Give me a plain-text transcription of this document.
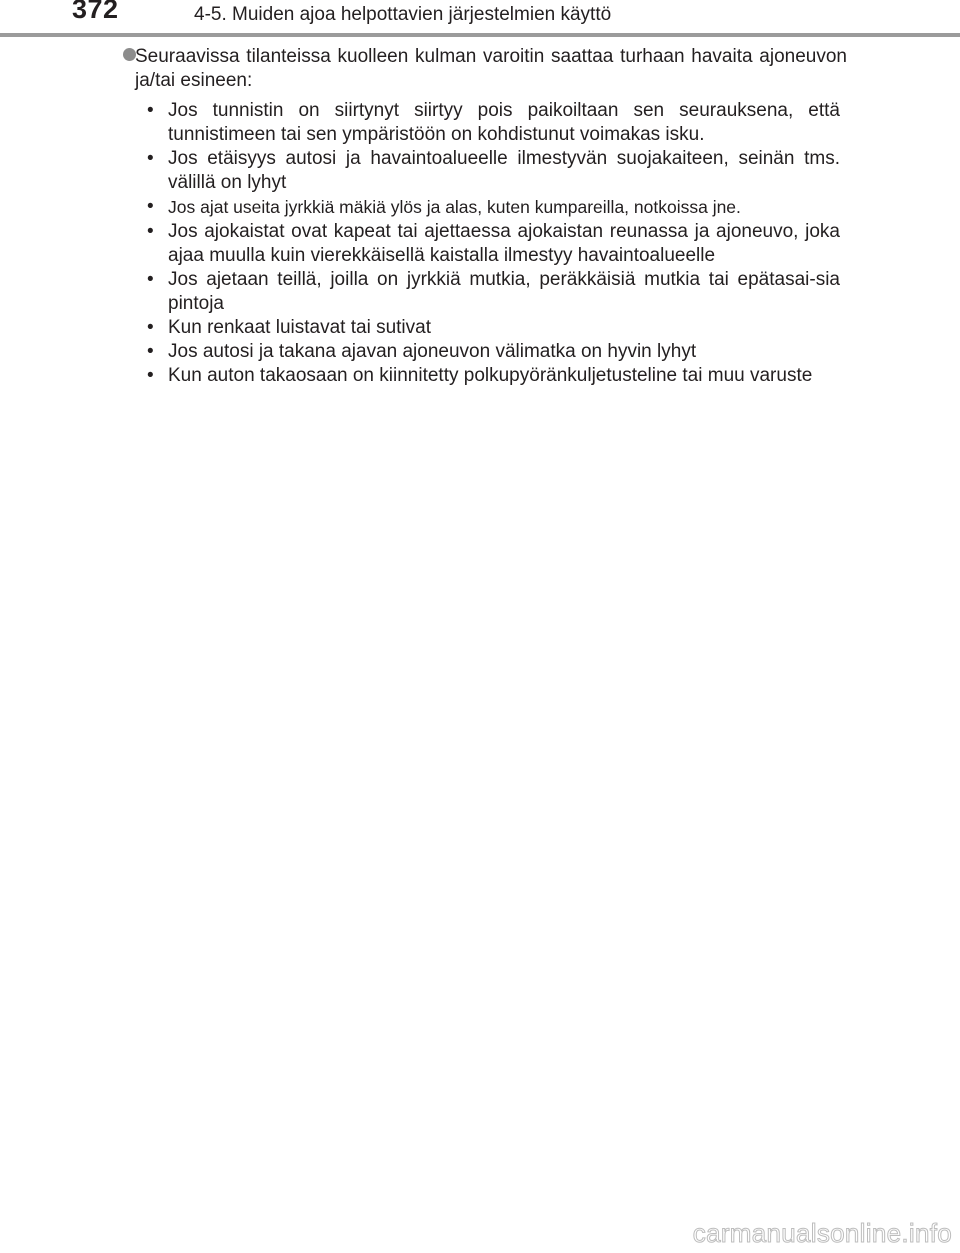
372	4-5. Muiden ajoa helpottavien järjestelmien käyttö
Seuraavissa tilanteissa kuolleen kulman varoitin saattaa turhaan havaita ajoneuvon ja/tai esineen:
• Jos tunnistin on siirtynyt siirtyy pois paikoiltaan sen seurauksena, että tunnistimeen tai sen ympäristöön on kohdistunut voimakas isku.
• Jos etäisyys autosi ja havaintoalueelle ilmestyvän suojakaiteen, seinän tms. välillä on lyhyt
• Jos ajat useita jyrkkiä mäkiä ylös ja alas, kuten kumpareilla, notkoissa jne.
• Jos ajokaistat ovat kapeat tai ajettaessa ajokaistan reunassa ja ajoneuvo, joka ajaa muulla kuin vierekkäisellä kaistalla ilmestyy havaintoalueelle
• Jos ajetaan teillä, joilla on jyrkkiä mutkia, peräkkäisiä mutkia tai epätasai-sia pintoja
• Kun renkaat luistavat tai sutivat
• Jos autosi ja takana ajavan ajoneuvon välimatka on hyvin lyhyt
• Kun auton takaosaan on kiinnitetty polkupyöränkuljetusteline tai muu varuste
carmanualsonline.info
